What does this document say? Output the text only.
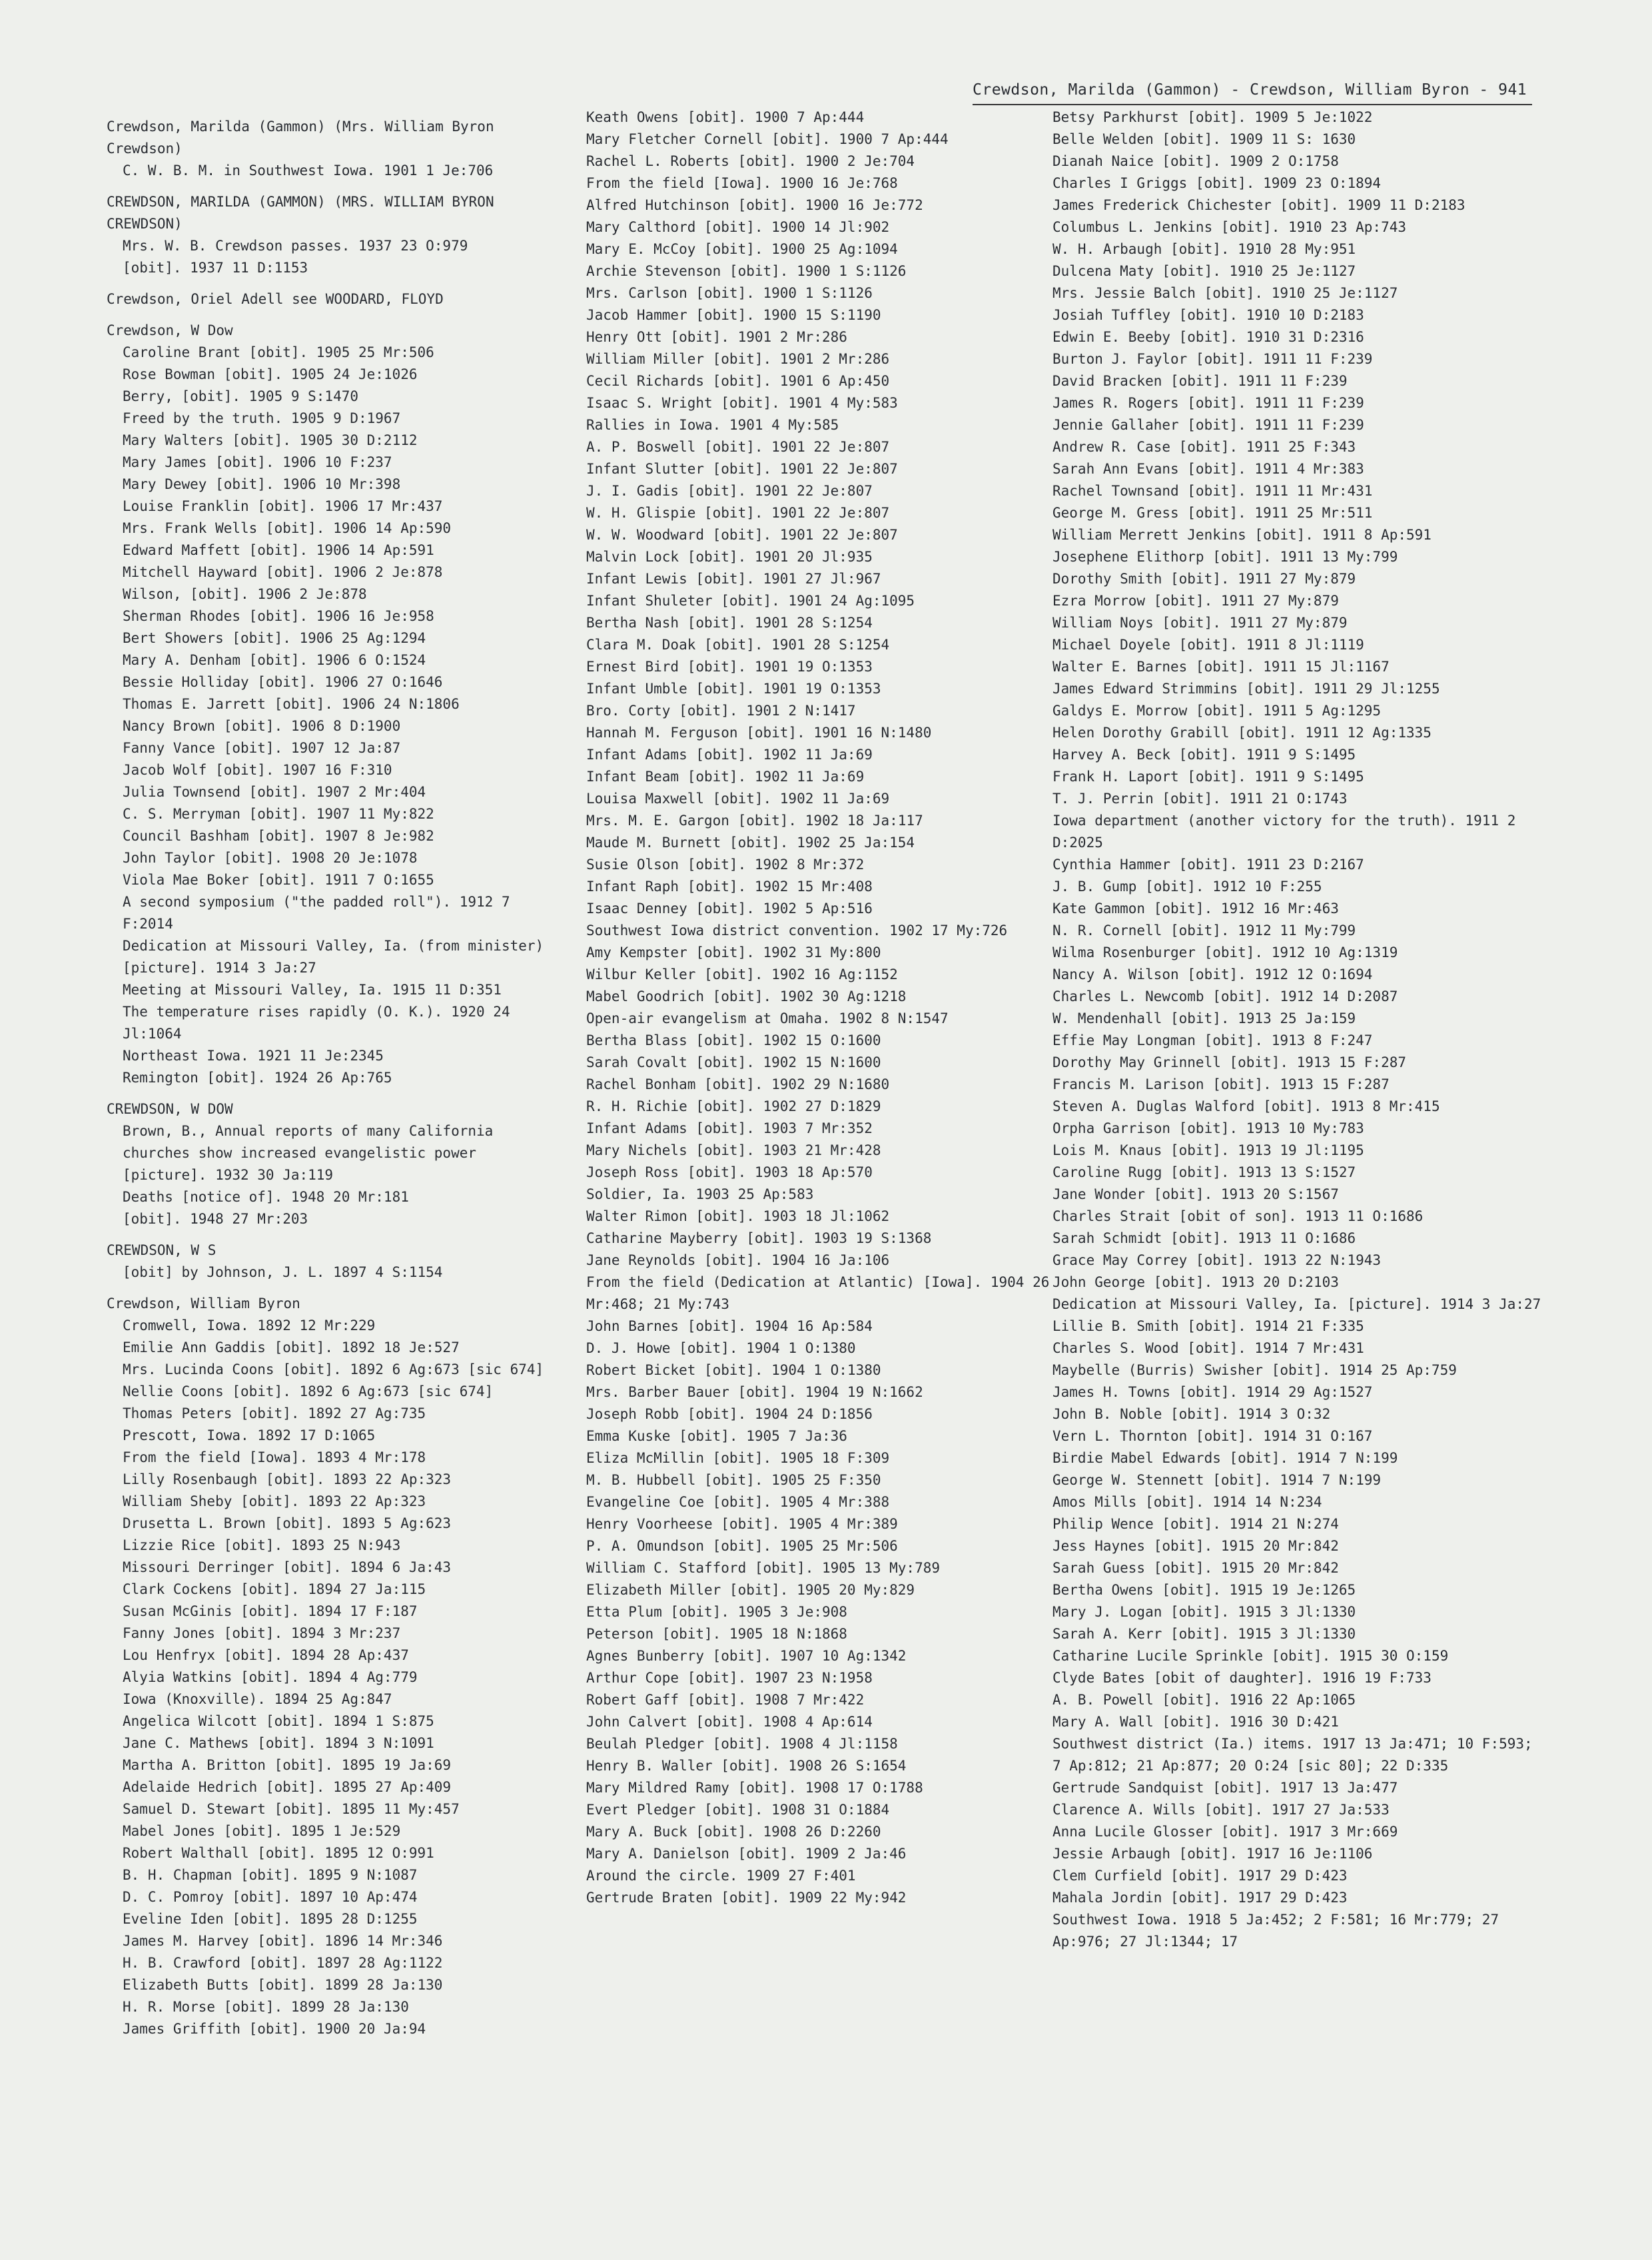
Crewdson, Marilda (Gammon) - Crewdson, William Byron - 941

Crewdson, Marilda (Gammon) (Mrs. William Byron Crewdson)

C. W. B. M. in Southwest Iowa. 1901 1 Je:706

CREWDSON, MARILDA (GAMMON) (MRS. WILLIAM BYRON CREWDSON)

Mrs. W. B. Crewdson passes. 1937 23 O:979

[obit]. 1937 11 D:1153

Crewdson, Oriel Adell see WOODARD, FLOYD

Crewdson, W Dow

Caroline Brant [obit]. 1905 25 Mr:506

Rose Bowman [obit]. 1905 24 Je:1026

Berry, [obit]. 1905 9 S:1470

Freed by the truth. 1905 9 D:1967

Mary Walters [obit]. 1905 30 D:2112

Mary James [obit]. 1906 10 F:237

Mary Dewey [obit]. 1906 10 Mr:398

Louise Franklin [obit]. 1906 17 Mr:437

Mrs. Frank Wells [obit]. 1906 14 Ap:590

Edward Maffett [obit]. 1906 14 Ap:591

Mitchell Hayward [obit]. 1906 2 Je:878

Wilson, [obit]. 1906 2 Je:878

Sherman Rhodes [obit]. 1906 16 Je:958

Bert Showers [obit]. 1906 25 Ag:1294

Mary A. Denham [obit]. 1906 6 O:1524

Bessie Holliday [obit]. 1906 27 O:1646

Thomas E. Jarrett [obit]. 1906 24 N:1806

Nancy Brown [obit]. 1906 8 D:1900

Fanny Vance [obit]. 1907 12 Ja:87

Jacob Wolf [obit]. 1907 16 F:310

Julia Townsend [obit]. 1907 2 Mr:404

C. S. Merryman [obit]. 1907 11 My:822

Council Bashham [obit]. 1907 8 Je:982

John Taylor [obit]. 1908 20 Je:1078

Viola Mae Boker [obit]. 1911 7 O:1655

A second symposium ("the padded roll"). 1912 7 F:2014

Dedication at Missouri Valley, Ia. (from minister) [picture]. 1914 3 Ja:27

Meeting at Missouri Valley, Ia. 1915 11 D:351

The temperature rises rapidly (O. K.). 1920 24 Jl:1064

Northeast Iowa. 1921 11 Je:2345

Remington [obit]. 1924 26 Ap:765

CREWDSON, W DOW

Brown, B., Annual reports of many California churches show increased evangelistic power [picture]. 1932 30 Ja:119

Deaths [notice of]. 1948 20 Mr:181

[obit]. 1948 27 Mr:203

CREWDSON, W S

[obit] by Johnson, J. L. 1897 4 S:1154

Crewdson, William Byron

Cromwell, Iowa. 1892 12 Mr:229

Emilie Ann Gaddis [obit]. 1892 18 Je:527

Mrs. Lucinda Coons [obit]. 1892 6 Ag:673 [sic 674]

Nellie Coons [obit]. 1892 6 Ag:673 [sic 674]

Thomas Peters [obit]. 1892 27 Ag:735

Prescott, Iowa. 1892 17 D:1065

From the field [Iowa]. 1893 4 Mr:178

Lilly Rosenbaugh [obit]. 1893 22 Ap:323

William Sheby [obit]. 1893 22 Ap:323

Drusetta L. Brown [obit]. 1893 5 Ag:623

Lizzie Rice [obit]. 1893 25 N:943

Missouri Derringer [obit]. 1894 6 Ja:43

Clark Cockens [obit]. 1894 27 Ja:115

Susan McGinis [obit]. 1894 17 F:187

Fanny Jones [obit]. 1894 3 Mr:237

Lou Henfryx [obit]. 1894 28 Ap:437

Alyia Watkins [obit]. 1894 4 Ag:779

Iowa (Knoxville). 1894 25 Ag:847

Angelica Wilcott [obit]. 1894 1 S:875

Jane C. Mathews [obit]. 1894 3 N:1091

Martha A. Britton [obit]. 1895 19 Ja:69

Adelaide Hedrich [obit]. 1895 27 Ap:409

Samuel D. Stewart [obit]. 1895 11 My:457

Mabel Jones [obit]. 1895 1 Je:529

Robert Walthall [obit]. 1895 12 O:991

B. H. Chapman [obit]. 1895 9 N:1087

D. C. Pomroy [obit]. 1897 10 Ap:474

Eveline Iden [obit]. 1895 28 D:1255

James M. Harvey [obit]. 1896 14 Mr:346

H. B. Crawford [obit]. 1897 28 Ag:1122

Elizabeth Butts [obit]. 1899 28 Ja:130

H. R. Morse [obit]. 1899 28 Ja:130

James Griffith [obit]. 1900 20 Ja:94

Keath Owens [obit]. 1900 7 Ap:444

Mary Fletcher Cornell [obit]. 1900 7 Ap:444

Rachel L. Roberts [obit]. 1900 2 Je:704

From the field [Iowa]. 1900 16 Je:768

Alfred Hutchinson [obit]. 1900 16 Je:772

Mary Calthord [obit]. 1900 14 Jl:902

Mary E. McCoy [obit]. 1900 25 Ag:1094

Archie Stevenson [obit]. 1900 1 S:1126

Mrs. Carlson [obit]. 1900 1 S:1126

Jacob Hammer [obit]. 1900 15 S:1190

Henry Ott [obit]. 1901 2 Mr:286

William Miller [obit]. 1901 2 Mr:286

Cecil Richards [obit]. 1901 6 Ap:450

Isaac S. Wright [obit]. 1901 4 My:583

Rallies in Iowa. 1901 4 My:585

A. P. Boswell [obit]. 1901 22 Je:807

Infant Slutter [obit]. 1901 22 Je:807

J. I. Gadis [obit]. 1901 22 Je:807

W. H. Glispie [obit]. 1901 22 Je:807

W. W. Woodward [obit]. 1901 22 Je:807

Malvin Lock [obit]. 1901 20 Jl:935

Infant Lewis [obit]. 1901 27 Jl:967

Infant Shuleter [obit]. 1901 24 Ag:1095

Bertha Nash [obit]. 1901 28 S:1254

Clara M. Doak [obit]. 1901 28 S:1254

Ernest Bird [obit]. 1901 19 O:1353

Infant Umble [obit]. 1901 19 O:1353

Bro. Corty [obit]. 1901 2 N:1417

Hannah M. Ferguson [obit]. 1901 16 N:1480

Infant Adams [obit]. 1902 11 Ja:69

Infant Beam [obit]. 1902 11 Ja:69

Louisa Maxwell [obit]. 1902 11 Ja:69

Mrs. M. E. Gargon [obit]. 1902 18 Ja:117

Maude M. Burnett [obit]. 1902 25 Ja:154

Susie Olson [obit]. 1902 8 Mr:372

Infant Raph [obit]. 1902 15 Mr:408

Isaac Denney [obit]. 1902 5 Ap:516

Southwest Iowa district convention. 1902 17 My:726

Amy Kempster [obit]. 1902 31 My:800

Wilbur Keller [obit]. 1902 16 Ag:1152

Mabel Goodrich [obit]. 1902 30 Ag:1218

Open-air evangelism at Omaha. 1902 8 N:1547

Bertha Blass [obit]. 1902 15 O:1600

Sarah Covalt [obit]. 1902 15 N:1600

Rachel Bonham [obit]. 1902 29 N:1680

R. H. Richie [obit]. 1902 27 D:1829

Infant Adams [obit]. 1903 7 Mr:352

Mary Nichels [obit]. 1903 21 Mr:428

Joseph Ross [obit]. 1903 18 Ap:570

Soldier, Ia. 1903 25 Ap:583

Walter Rimon [obit]. 1903 18 Jl:1062

Catharine Mayberry [obit]. 1903 19 S:1368

Jane Reynolds [obit]. 1904 16 Ja:106

From the field (Dedication at Atlantic) [Iowa]. 1904 26 Mr:468; 21 My:743

John Barnes [obit]. 1904 16 Ap:584

D. J. Howe [obit]. 1904 1 O:1380

Robert Bicket [obit]. 1904 1 O:1380

Mrs. Barber Bauer [obit]. 1904 19 N:1662

Joseph Robb [obit]. 1904 24 D:1856

Emma Kuske [obit]. 1905 7 Ja:36

Eliza McMillin [obit]. 1905 18 F:309

M. B. Hubbell [obit]. 1905 25 F:350

Evangeline Coe [obit]. 1905 4 Mr:388

Henry Voorheese [obit]. 1905 4 Mr:389

P. A. Omundson [obit]. 1905 25 Mr:506

William C. Stafford [obit]. 1905 13 My:789

Elizabeth Miller [obit]. 1905 20 My:829

Etta Plum [obit]. 1905 3 Je:908

Peterson [obit]. 1905 18 N:1868

Agnes Bunberry [obit]. 1907 10 Ag:1342

Arthur Cope [obit]. 1907 23 N:1958

Robert Gaff [obit]. 1908 7 Mr:422

John Calvert [obit]. 1908 4 Ap:614

Beulah Pledger [obit]. 1908 4 Jl:1158

Henry B. Waller [obit]. 1908 26 S:1654

Mary Mildred Ramy [obit]. 1908 17 O:1788

Evert Pledger [obit]. 1908 31 O:1884

Mary A. Buck [obit]. 1908 26 D:2260

Mary A. Danielson [obit]. 1909 2 Ja:46

Around the circle. 1909 27 F:401

Gertrude Braten [obit]. 1909 22 My:942

Betsy Parkhurst [obit]. 1909 5 Je:1022

Belle Welden [obit]. 1909 11 S: 1630

Dianah Naice [obit]. 1909 2 O:1758

Charles I Griggs [obit]. 1909 23 O:1894

James Frederick Chichester [obit]. 1909 11 D:2183

Columbus L. Jenkins [obit]. 1910 23 Ap:743

W. H. Arbaugh [obit]. 1910 28 My:951

Dulcena Maty [obit]. 1910 25 Je:1127

Mrs. Jessie Balch [obit]. 1910 25 Je:1127

Josiah Tuffley [obit]. 1910 10 D:2183

Edwin E. Beeby [obit]. 1910 31 D:2316

Burton J. Faylor [obit]. 1911 11 F:239

David Bracken [obit]. 1911 11 F:239

James R. Rogers [obit]. 1911 11 F:239

Jennie Gallaher [obit]. 1911 11 F:239

Andrew R. Case [obit]. 1911 25 F:343

Sarah Ann Evans [obit]. 1911 4 Mr:383

Rachel Townsand [obit]. 1911 11 Mr:431

George M. Gress [obit]. 1911 25 Mr:511

William Merrett Jenkins [obit]. 1911 8 Ap:591

Josephene Elithorp [obit]. 1911 13 My:799

Dorothy Smith [obit]. 1911 27 My:879

Ezra Morrow [obit]. 1911 27 My:879

William Noys [obit]. 1911 27 My:879

Michael Doyele [obit]. 1911 8 Jl:1119

Walter E. Barnes [obit]. 1911 15 Jl:1167

James Edward Strimmins [obit]. 1911 29 Jl:1255

Galdys E. Morrow [obit]. 1911 5 Ag:1295

Helen Dorothy Grabill [obit]. 1911 12 Ag:1335

Harvey A. Beck [obit]. 1911 9 S:1495

Frank H. Laport [obit]. 1911 9 S:1495

T. J. Perrin [obit]. 1911 21 O:1743

Iowa department (another victory for the truth). 1911 2 D:2025

Cynthia Hammer [obit]. 1911 23 D:2167

J. B. Gump [obit]. 1912 10 F:255

Kate Gammon [obit]. 1912 16 Mr:463

N. R. Cornell [obit]. 1912 11 My:799

Wilma Rosenburger [obit]. 1912 10 Ag:1319

Nancy A. Wilson [obit]. 1912 12 O:1694

Charles L. Newcomb [obit]. 1912 14 D:2087

W. Mendenhall [obit]. 1913 25 Ja:159

Effie May Longman [obit]. 1913 8 F:247

Dorothy May Grinnell [obit]. 1913 15 F:287

Francis M. Larison [obit]. 1913 15 F:287

Steven A. Duglas Walford [obit]. 1913 8 Mr:415

Orpha Garrison [obit]. 1913 10 My:783

Lois M. Knaus [obit]. 1913 19 Jl:1195

Caroline Rugg [obit]. 1913 13 S:1527

Jane Wonder [obit]. 1913 20 S:1567

Charles Strait [obit of son]. 1913 11 O:1686

Sarah Schmidt [obit]. 1913 11 O:1686

Grace May Correy [obit]. 1913 22 N:1943

John George [obit]. 1913 20 D:2103

Dedication at Missouri Valley, Ia. [picture]. 1914 3 Ja:27

Lillie B. Smith [obit]. 1914 21 F:335

Charles S. Wood [obit]. 1914 7 Mr:431

Maybelle (Burris) Swisher [obit]. 1914 25 Ap:759

James H. Towns [obit]. 1914 29 Ag:1527

John B. Noble [obit]. 1914 3 O:32

Vern L. Thornton [obit]. 1914 31 O:167

Birdie Mabel Edwards [obit]. 1914 7 N:199

George W. Stennett [obit]. 1914 7 N:199

Amos Mills [obit]. 1914 14 N:234

Philip Wence [obit]. 1914 21 N:274

Jess Haynes [obit]. 1915 20 Mr:842

Sarah Guess [obit]. 1915 20 Mr:842

Bertha Owens [obit]. 1915 19 Je:1265

Mary J. Logan [obit]. 1915 3 Jl:1330

Sarah A. Kerr [obit]. 1915 3 Jl:1330

Catharine Lucile Sprinkle [obit]. 1915 30 O:159

Clyde Bates [obit of daughter]. 1916 19 F:733

A. B. Powell [obit]. 1916 22 Ap:1065

Mary A. Wall [obit]. 1916 30 D:421

Southwest district (Ia.) items. 1917 13 Ja:471; 10 F:593; 7 Ap:812; 21 Ap:877; 20 O:24 [sic 80]; 22 D:335

Gertrude Sandquist [obit]. 1917 13 Ja:477

Clarence A. Wills [obit]. 1917 27 Ja:533

Anna Lucile Glosser [obit]. 1917 3 Mr:669

Jessie Arbaugh [obit]. 1917 16 Je:1106

Clem Curfield [obit]. 1917 29 D:423

Mahala Jordin [obit]. 1917 29 D:423

Southwest Iowa. 1918 5 Ja:452; 2 F:581; 16 Mr:779; 27 Ap:976; 27 Jl:1344; 17
